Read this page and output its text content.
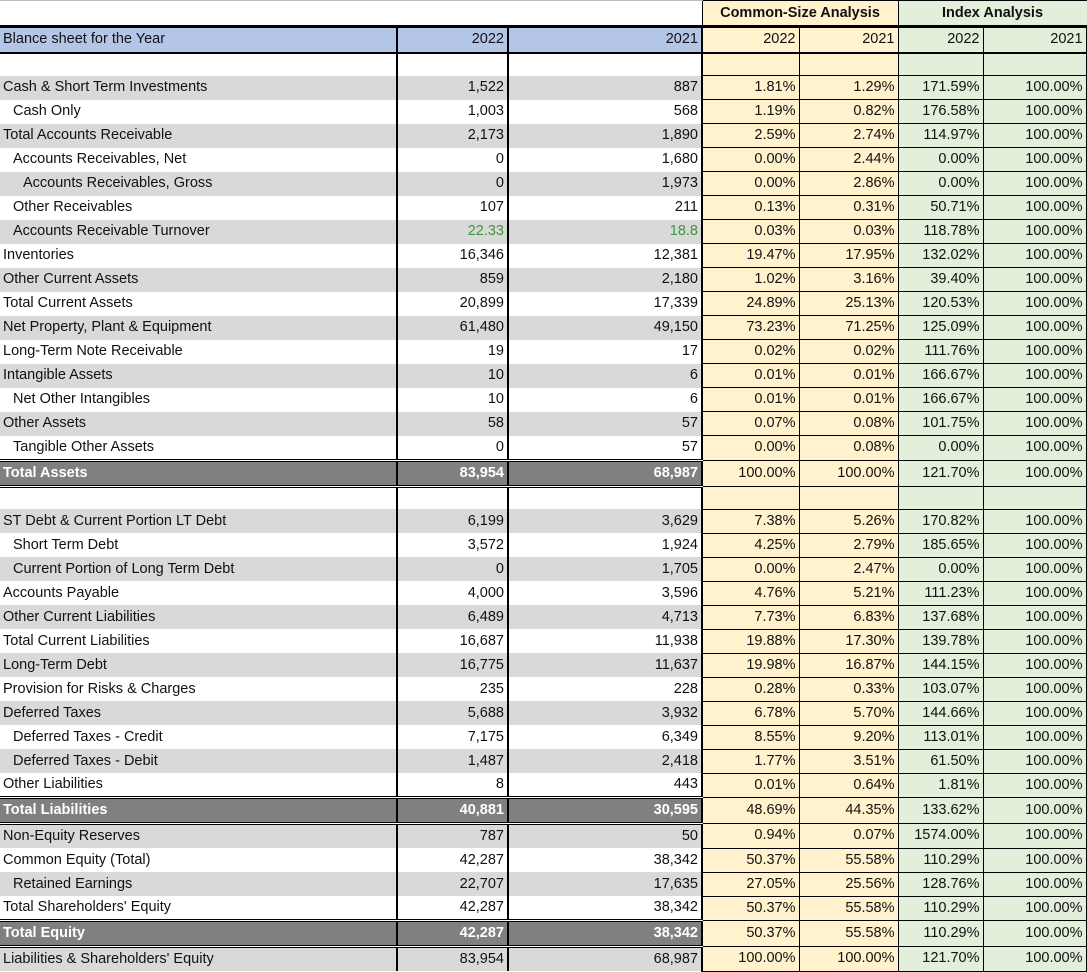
			Common-Size Analysis		Index Analysis	
Blance sheet for the Year	2022	2021	2022	2021	2022	2021

Cash & Short Term Investments	1,522	887	1.81%	1.29%	171.59%	100.00%
Cash Only	1,003	568	1.19%	0.82%	176.58%	100.00%
Total Accounts Receivable	2,173	1,890	2.59%	2.74%	114.97%	100.00%
Accounts Receivables, Net	0	1,680	0.00%	2.44%	0.00%	100.00%
Accounts Receivables, Gross	0	1,973	0.00%	2.86%	0.00%	100.00%
Other Receivables	107	211	0.13%	0.31%	50.71%	100.00%
Accounts Receivable Turnover	22.33	18.8	0.03%	0.03%	118.78%	100.00%
Inventories	16,346	12,381	19.47%	17.95%	132.02%	100.00%
Other Current Assets	859	2,180	1.02%	3.16%	39.40%	100.00%
Total Current Assets	20,899	17,339	24.89%	25.13%	120.53%	100.00%
Net Property, Plant & Equipment	61,480	49,150	73.23%	71.25%	125.09%	100.00%
Long-Term Note Receivable	19	17	0.02%	0.02%	111.76%	100.00%
Intangible Assets	10	6	0.01%	0.01%	166.67%	100.00%
Net Other Intangibles	10	6	0.01%	0.01%	166.67%	100.00%
Other Assets	58	57	0.07%	0.08%	101.75%	100.00%
Tangible Other Assets	0	57	0.00%	0.08%	0.00%	100.00%
Total Assets	83,954	68,987	100.00%	100.00%	121.70%	100.00%

ST Debt & Current Portion LT Debt	6,199	3,629	7.38%	5.26%	170.82%	100.00%
Short Term Debt	3,572	1,924	4.25%	2.79%	185.65%	100.00%
Current Portion of Long Term Debt	0	1,705	0.00%	2.47%	0.00%	100.00%
Accounts Payable	4,000	3,596	4.76%	5.21%	111.23%	100.00%
Other Current Liabilities	6,489	4,713	7.73%	6.83%	137.68%	100.00%
Total Current Liabilities	16,687	11,938	19.88%	17.30%	139.78%	100.00%
Long-Term Debt	16,775	11,637	19.98%	16.87%	144.15%	100.00%
Provision for Risks & Charges	235	228	0.28%	0.33%	103.07%	100.00%
Deferred Taxes	5,688	3,932	6.78%	5.70%	144.66%	100.00%
Deferred Taxes - Credit	7,175	6,349	8.55%	9.20%	113.01%	100.00%
Deferred Taxes - Debit	1,487	2,418	1.77%	3.51%	61.50%	100.00%
Other Liabilities	8	443	0.01%	0.64%	1.81%	100.00%
Total Liabilities	40,881	30,595	48.69%	44.35%	133.62%	100.00%
Non-Equity Reserves	787	50	0.94%	0.07%	1574.00%	100.00%
Common Equity (Total)	42,287	38,342	50.37%	55.58%	110.29%	100.00%
Retained Earnings	22,707	17,635	27.05%	25.56%	128.76%	100.00%
Total Shareholders' Equity	42,287	38,342	50.37%	55.58%	110.29%	100.00%
Total Equity	42,287	38,342	50.37%	55.58%	110.29%	100.00%
Liabilities & Shareholders' Equity	83,954	68,987	100.00%	100.00%	121.70%	100.00%
